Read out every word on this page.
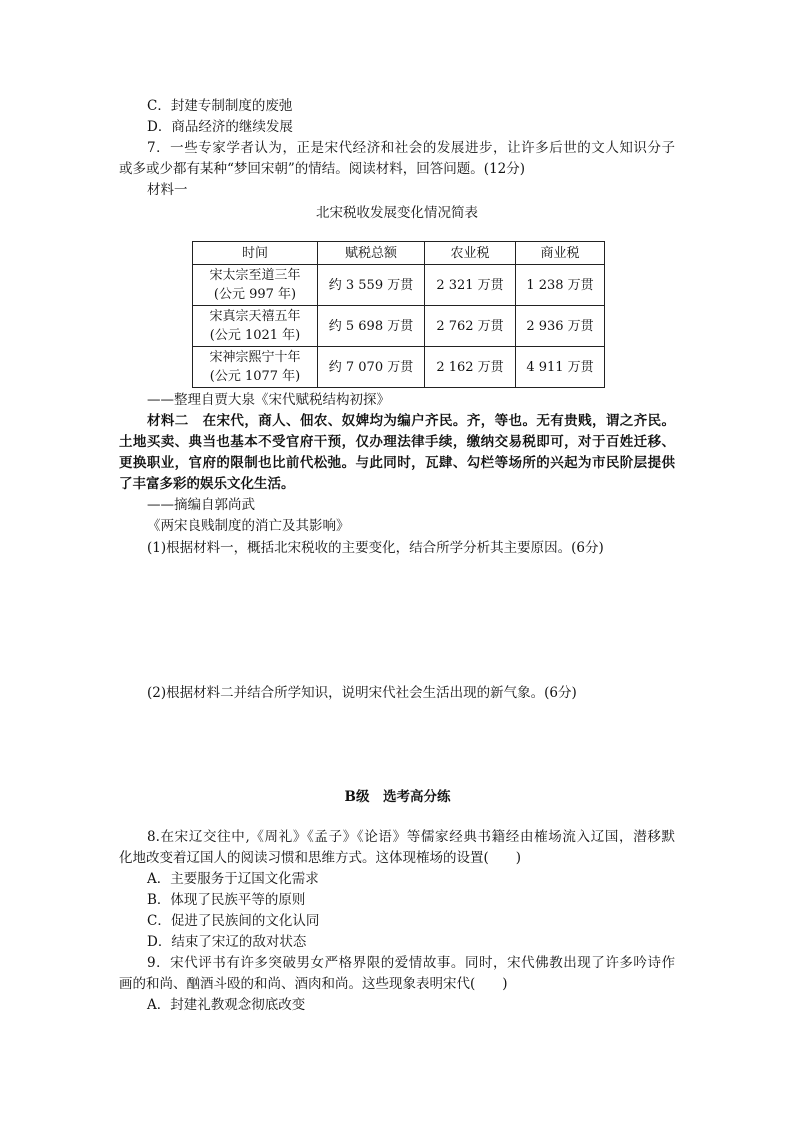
C．封建专制制度的废弛
D．商品经济的继续发展
7．一些专家学者认为，正是宋代经济和社会的发展进步，让许多后世的文人知识分子
或多或少都有某种“梦回宋朝”的情结。阅读材料，回答问题。(12分)
材料一
北宋税收发展变化情况简表
时间	赋税总额	农业税	商业税

宋太宗至道三年
(公元 997 年)	约 3 559 万贯	2 321 万贯	1 238 万贯

宋真宗天禧五年
(公元 1021 年)	约 5 698 万贯	2 762 万贯	2 936 万贯

宋神宗熙宁十年
(公元 1077 年)	约 7 070 万贯	2 162 万贯	4 911 万贯
——整理自贾大泉《宋代赋税结构初探》
材料二　在宋代，商人、佃农、奴婢均为编户齐民。齐，等也。无有贵贱，谓之齐民。
土地买卖、典当也基本不受官府干预，仅办理法律手续，缴纳交易税即可，对于百姓迁移、
更换职业，官府的限制也比前代松弛。与此同时，瓦肆、勾栏等场所的兴起为市民阶层提供
了丰富多彩的娱乐文化生活。
——摘编自郭尚武
《两宋良贱制度的消亡及其影响》
(1)根据材料一，概括北宋税收的主要变化，结合所学分析其主要原因。(6分)
(2)根据材料二并结合所学知识，说明宋代社会生活出现的新气象。(6分)
B级　选考高分练
8.在宋辽交往中,《周礼》《孟子》《论语》等儒家经典书籍经由榷场流入辽国，潜移默
化地改变着辽国人的阅读习惯和思维方式。这体现榷场的设置(　　)
A．主要服务于辽国文化需求
B．体现了民族平等的原则
C．促进了民族间的文化认同
D．结束了宋辽的敌对状态
9．宋代评书有许多突破男女严格界限的爱情故事。同时，宋代佛教出现了许多吟诗作
画的和尚、酗酒斗殴的和尚、酒肉和尚。这些现象表明宋代(　　)
A．封建礼教观念彻底改变
